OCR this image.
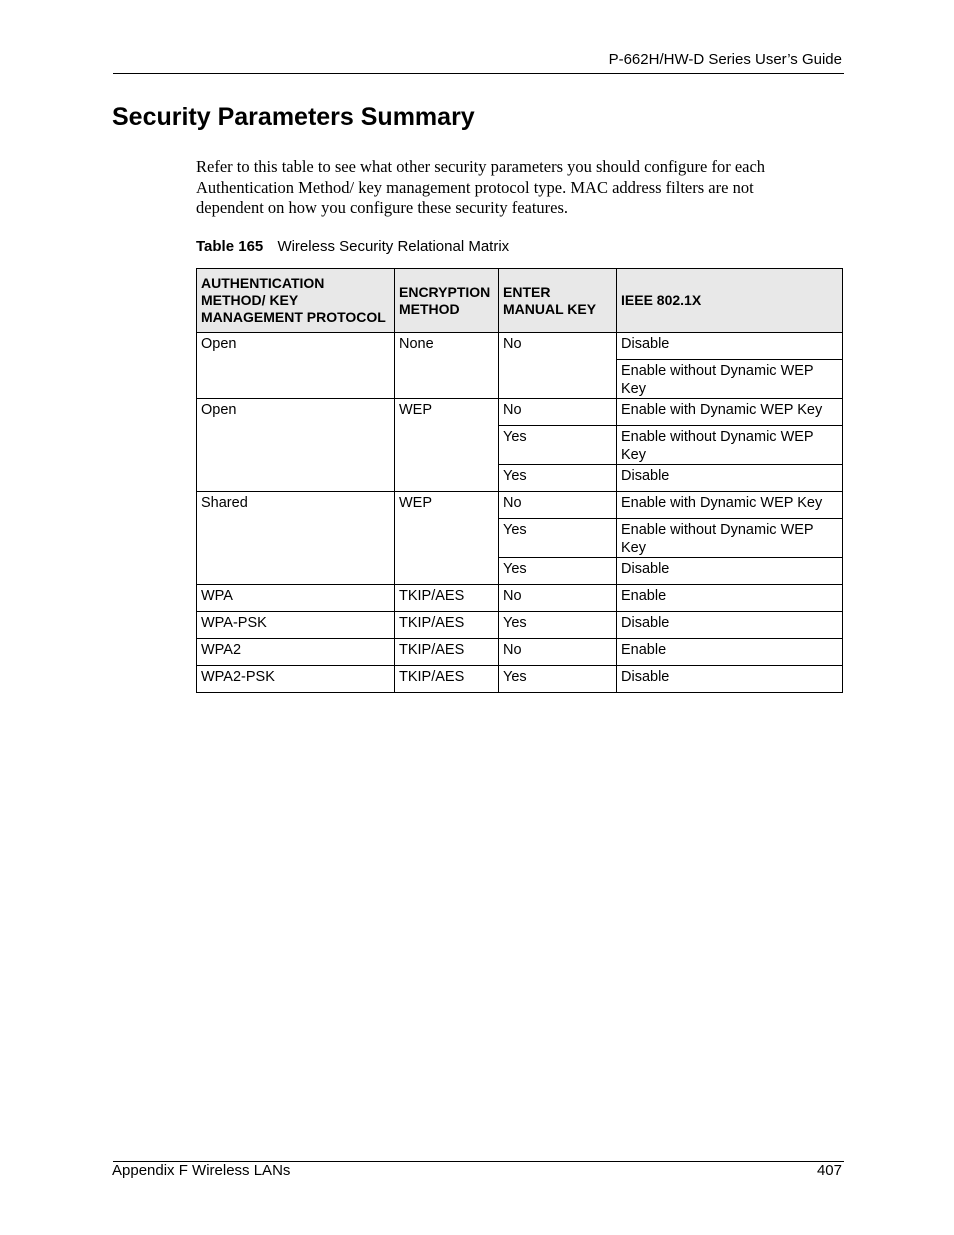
P-662H/HW-D Series User’s Guide
Security Parameters Summary

Refer to this table to see what other security parameters you should configure for each Authentication Method/ key management protocol type. MAC address filters are not dependent on how you configure these security features.

Table 165 Wireless Security Relational Matrix
AUTHENTICATION METHOD/ KEY MANAGEMENT PROTOCOL	ENCRYPTION METHOD	ENTER MANUAL KEY	IEEE 802.1X
Open	None	No	Disable
			Enable without Dynamic WEP Key
Open	WEP	No	Enable with Dynamic WEP Key
		Yes	Enable without Dynamic WEP Key
		Yes	Disable
Shared	WEP	No	Enable with Dynamic WEP Key
		Yes	Enable without Dynamic WEP Key
		Yes	Disable
WPA	TKIP/AES	No	Enable
WPA-PSK	TKIP/AES	Yes	Disable
WPA2	TKIP/AES	No	Enable
WPA2-PSK	TKIP/AES	Yes	Disable
Appendix F Wireless LANs	407
